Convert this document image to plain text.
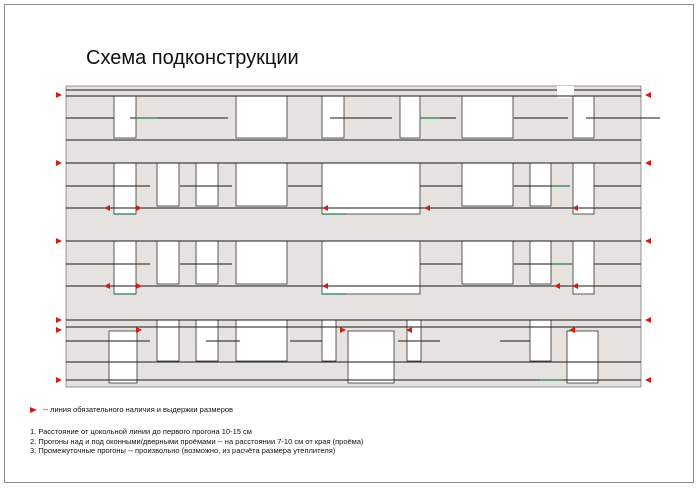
Схема подконструкции
-- линия обязательного наличия и выдержки размеров
1. Расстояние от цокольной линии до первого прогона 10-15 см
2. Прогоны над и под оконными/дверными проёмами -- на расстоянии 7-10 см от края (проёма)
3. Промежуточные прогоны -- произвольно (возможно, из расчёта размера утеплителя)
